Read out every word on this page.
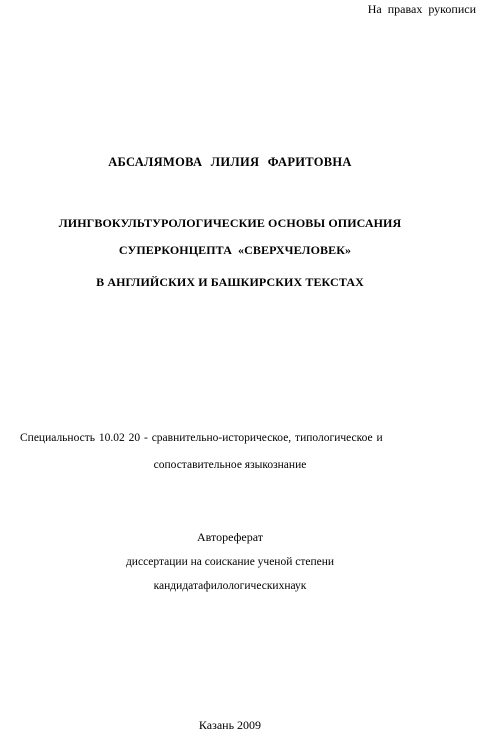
На правах рукописи
АБСАЛЯМОВА ЛИЛИЯ ФАРИТОВНА
ЛИНГВОКУЛЬТУРОЛОГИЧЕСКИЕ ОСНОВЫ ОПИСАНИЯ
СУПЕРКОНЦЕПТА «СВЕРХЧЕЛОВЕК»
В АНГЛИЙСКИХ И БАШКИРСКИХ ТЕКСТАХ
Специальность 10.02 20 - сравнительно-историческое, типологическое и
сопоставительное языкознание
Автореферат
диссертации на соискание ученой степени
кандидатафилологическихнаук
Казань 2009
